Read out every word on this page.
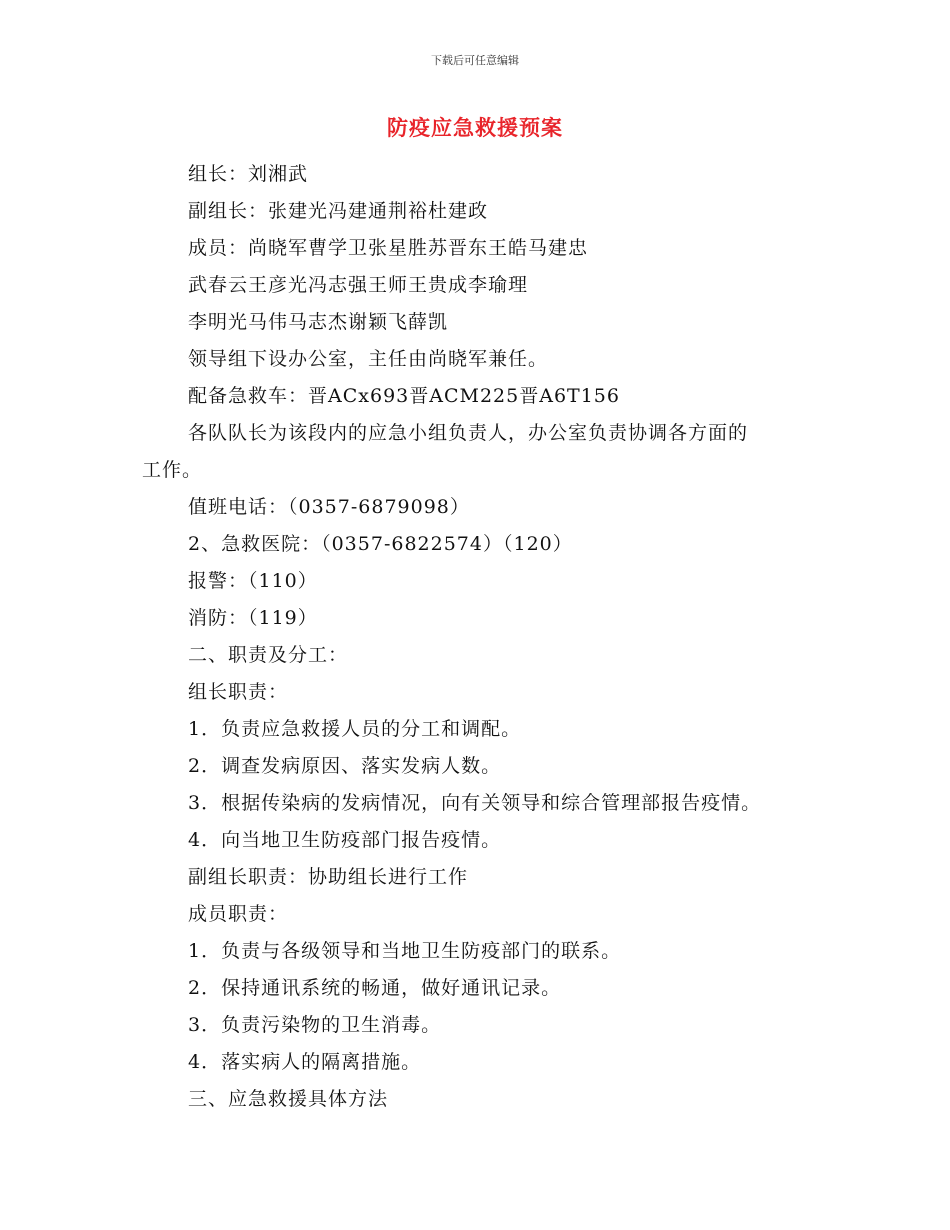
下载后可任意编辑
防疫应急救援预案
组长：刘湘武
副组长：张建光冯建通荆裕杜建政
成员：尚晓军曹学卫张星胜苏晋东王皓马建忠
武春云王彦光冯志强王师王贵成李瑜理
李明光马伟马志杰谢颖飞薛凯
领导组下设办公室，主任由尚晓军兼任。
配备急救车：晋ACx693晋ACM225晋A6T156
各队队长为该段内的应急小组负责人，办公室负责协调各方面的
工作。
值班电话：（0357-6879098）
2、急救医院：（0357-6822574）（120）
报警：（110）
消防：（119）
二、职责及分工：
组长职责：
1．负责应急救援人员的分工和调配。
2．调查发病原因、落实发病人数。
3．根据传染病的发病情况，向有关领导和综合管理部报告疫情。
4．向当地卫生防疫部门报告疫情。
副组长职责：协助组长进行工作
成员职责：
1．负责与各级领导和当地卫生防疫部门的联系。
2．保持通讯系统的畅通，做好通讯记录。
3．负责污染物的卫生消毒。
4．落实病人的隔离措施。
三、应急救援具体方法
